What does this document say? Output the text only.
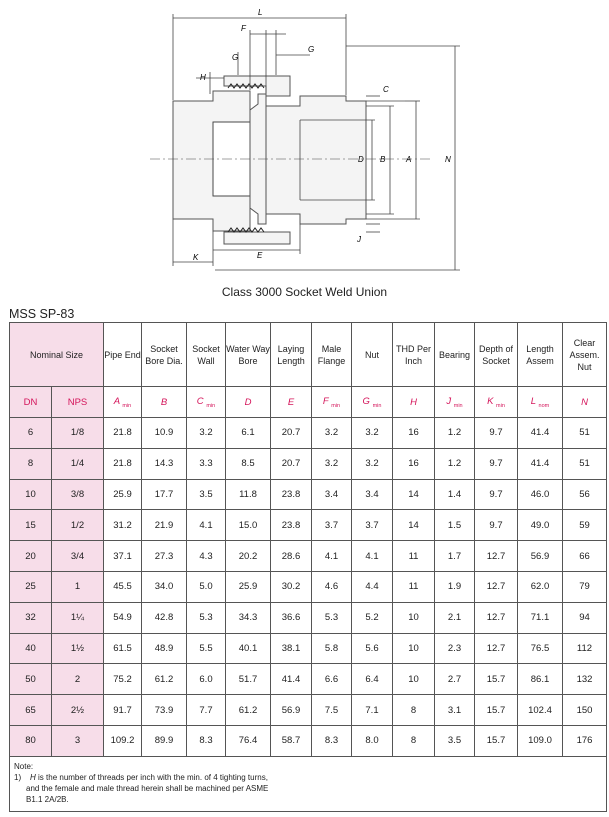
L
F
G
G
H
C
D B	A	N
J
K	E
Class 3000 Socket Weld Union
MSS SP-83
Nominal Size		Pipe End	Socket Bore Dia.	Socket Wall	Water Way Bore	Laying Length	Male Flange	Nut	THD Per Inch	Bearing	Depth of Socket	Length Assem	Clear Assem. Nut
DN	NPS	A $_{min}$	B	C $_{min}$	D	E	F $_{min}$	G $_{min}$	H	J $_{min}$	K $_{min}$	L $_{nom}$	N
6	1/8	21.8	10.9	3.2	6.1	20.7	3.2	3.2	16	1.2	9.7	41.4	51
8	1/4	21.8	14.3	3.3	8.5	20.7	3.2	3.2	16	1.2	9.7	41.4	51
10	3/8	25.9	17.7	3.5	11.8	23.8	3.4	3.4	14	1.4	9.7	46.0	56
15	1/2	31.2	21.9	4.1	15.0	23.8	3.7	3.7	14	1.5	9.7	49.0	59
20	3/4	37.1	27.3	4.3	20.2	28.6	4.1	4.1	11	1.7	12.7	56.9	66
25	1	45.5	34.0	5.0	25.9	30.2	4.6	4.4	11	1.9	12.7	62.0	79
32	1¼	54.9	42.8	5.3	34.3	36.6	5.3	5.2	10	2.1	12.7	71.1	94
40	1½	61.5	48.9	5.5	40.1	38.1	5.8	5.6	10	2.3	12.7	76.5	112
50	2	75.2	61.2	6.0	51.7	41.4	6.6	6.4	10	2.7	15.7	86.1	132
65	2½	91.7	73.9	7.7	61.2	56.9	7.5	7.1	8	3.1	15.7	102.4	150
80	3	109.2	89.9	8.3	76.4	58.7	8.3	8.0	8	3.5	15.7	109.0	176

Note:
1) H is the number of threads per inch with the min. of 4 tighting turns,
and the female and male thread herein shall be machined per ASME
B1.1 2A/2B.													
